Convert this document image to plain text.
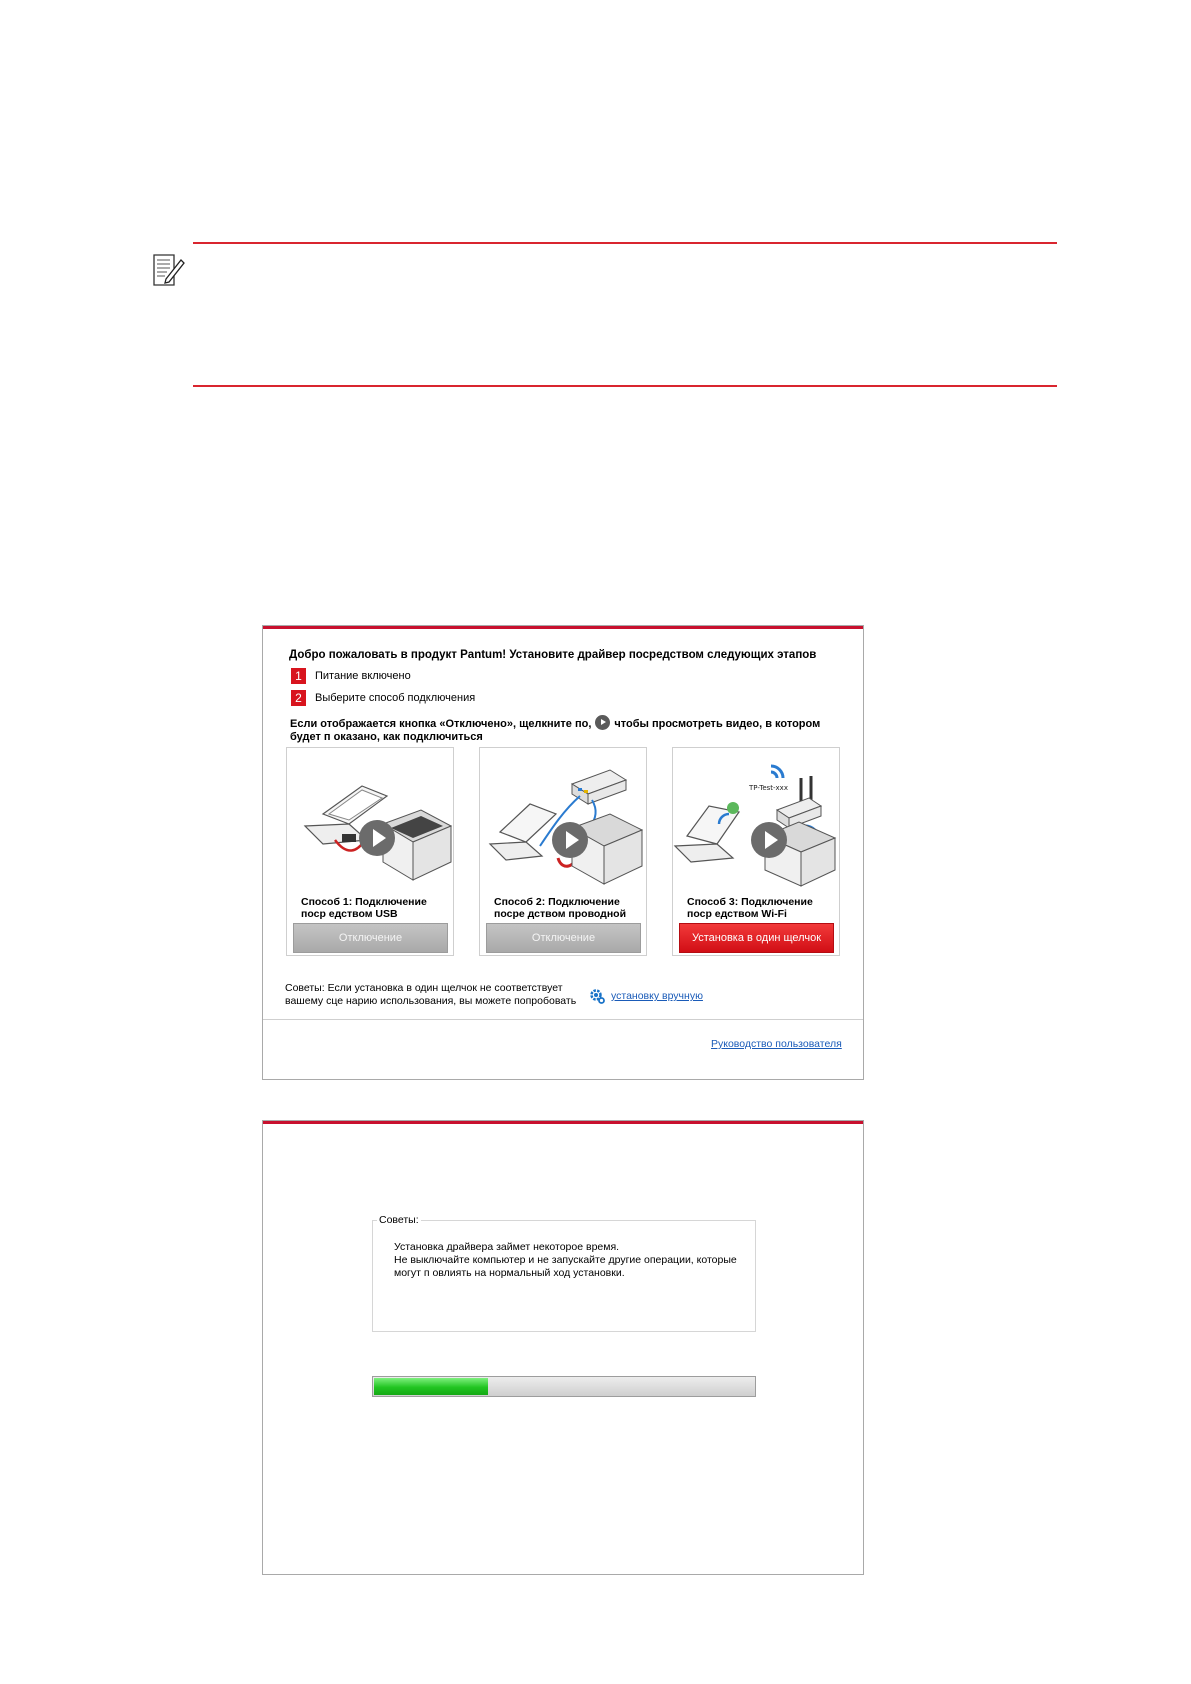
Добро пожаловать в продукт Pantum! Установите драйвер посредством следующих этапов
1	Питание включено
2	Выберите способ подключения
Если отображается кнопка «Отключено», щелкните по, чтобы просмотреть видео, в котором будет п оказано, как подключиться
Способ 1: Подключение поср едством USB
Отключение
Способ 2: Подключение посре дством проводной
Отключение
TP-Test-xxx
Способ 3: Подключение поср едством Wi-Fi
Установка в один щелчок
Советы: Если установка в один щелчок не соответствует вашему сце нарию использования, вы можете попробовать	установку вручную
Руководство пользователя
Советы:
Установка драйвера займет некоторое время.
Не выключайте компьютер и не запускайте другие операции, которые могут п овлиять на нормальный ход установки.
